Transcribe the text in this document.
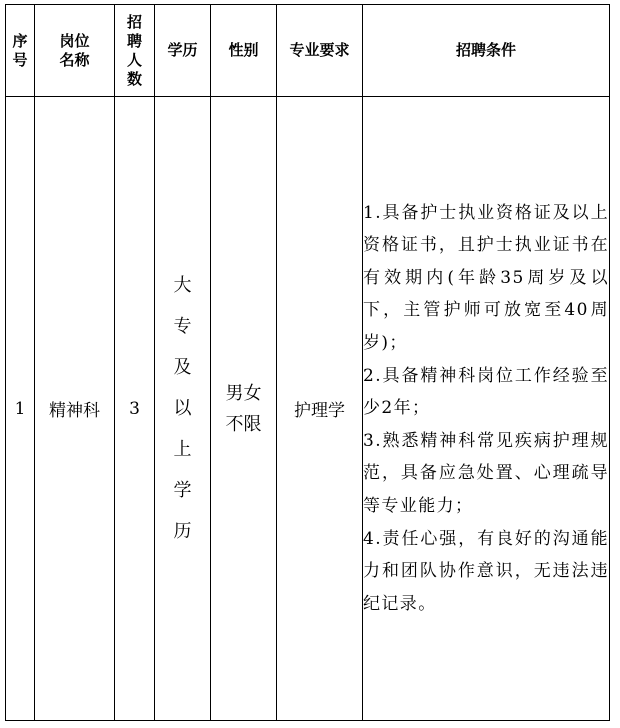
序号	岗位名称	招聘人数	学历	性别	专业要求	招聘条件
1	精神科	3	大专及以上学历	男女不限	护理学	1.具备护士执业资格证及以上资格证书，且护士执业证书在有效期内(年龄35周岁及以下，主管护师可放宽至40周岁)；

2.具备精神科岗位工作经验至少2年；

3.熟悉精神科常见疾病护理规范，具备应急处置、心理疏导等专业能力；

4.责任心强，有良好的沟通能力和团队协作意识，无违法违纪记录。
